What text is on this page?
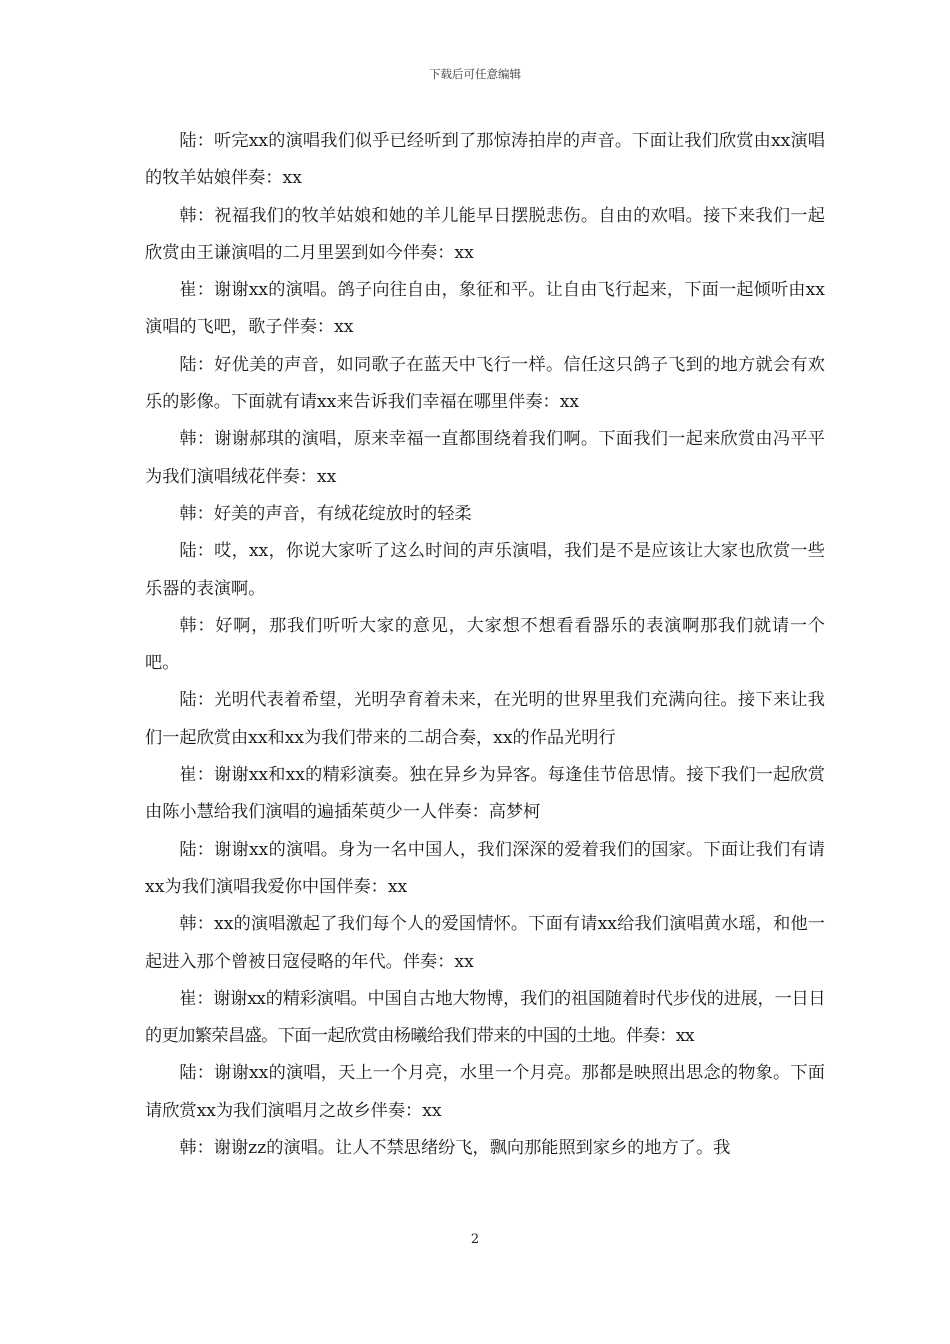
下载后可任意编辑

陆：听完xx的演唱我们似乎已经听到了那惊涛拍岸的声音。下面让我们欣赏由xx演唱的牧羊姑娘伴奏：xx

韩：祝福我们的牧羊姑娘和她的羊儿能早日摆脱悲伤。自由的欢唱。接下来我们一起欣赏由王谦演唱的二月里罢到如今伴奏：xx

崔：谢谢xx的演唱。鸽子向往自由，象征和平。让自由飞行起来，下面一起倾听由xx演唱的飞吧，歌子伴奏：xx

陆：好优美的声音，如同歌子在蓝天中飞行一样。信任这只鸽子飞到的地方就会有欢乐的影像。下面就有请xx来告诉我们幸福在哪里伴奏：xx

韩：谢谢郝琪的演唱，原来幸福一直都围绕着我们啊。下面我们一起来欣赏由冯平平为我们演唱绒花伴奏：xx

韩：好美的声音，有绒花绽放时的轻柔

陆：哎，xx，你说大家听了这么时间的声乐演唱，我们是不是应该让大家也欣赏一些乐器的表演啊。

韩：好啊，那我们听听大家的意见，大家想不想看看器乐的表演啊那我们就请一个吧。

陆：光明代表着希望，光明孕育着未来，在光明的世界里我们充满向往。接下来让我们一起欣赏由xx和xx为我们带来的二胡合奏，xx的作品光明行

崔：谢谢xx和xx的精彩演奏。独在异乡为异客。每逢佳节倍思情。接下我们一起欣赏由陈小慧给我们演唱的遍插茱萸少一人伴奏：高梦柯

陆：谢谢xx的演唱。身为一名中国人，我们深深的爱着我们的国家。下面让我们有请xx为我们演唱我爱你中国伴奏：xx

韩：xx的演唱激起了我们每个人的爱国情怀。下面有请xx给我们演唱黄水瑶，和他一起进入那个曾被日寇侵略的年代。伴奏：xx

崔：谢谢xx的精彩演唱。中国自古地大物博，我们的祖国随着时代步伐的进展，一日日的更加繁荣昌盛。下面一起欣赏由杨曦给我们带来的中国的土地。伴奏：xx

陆：谢谢xx的演唱，天上一个月亮，水里一个月亮。那都是映照出思念的物象。下面请欣赏xx为我们演唱月之故乡伴奏：xx

韩：谢谢zz的演唱。让人不禁思绪纷飞，飘向那能照到家乡的地方了。我

2
